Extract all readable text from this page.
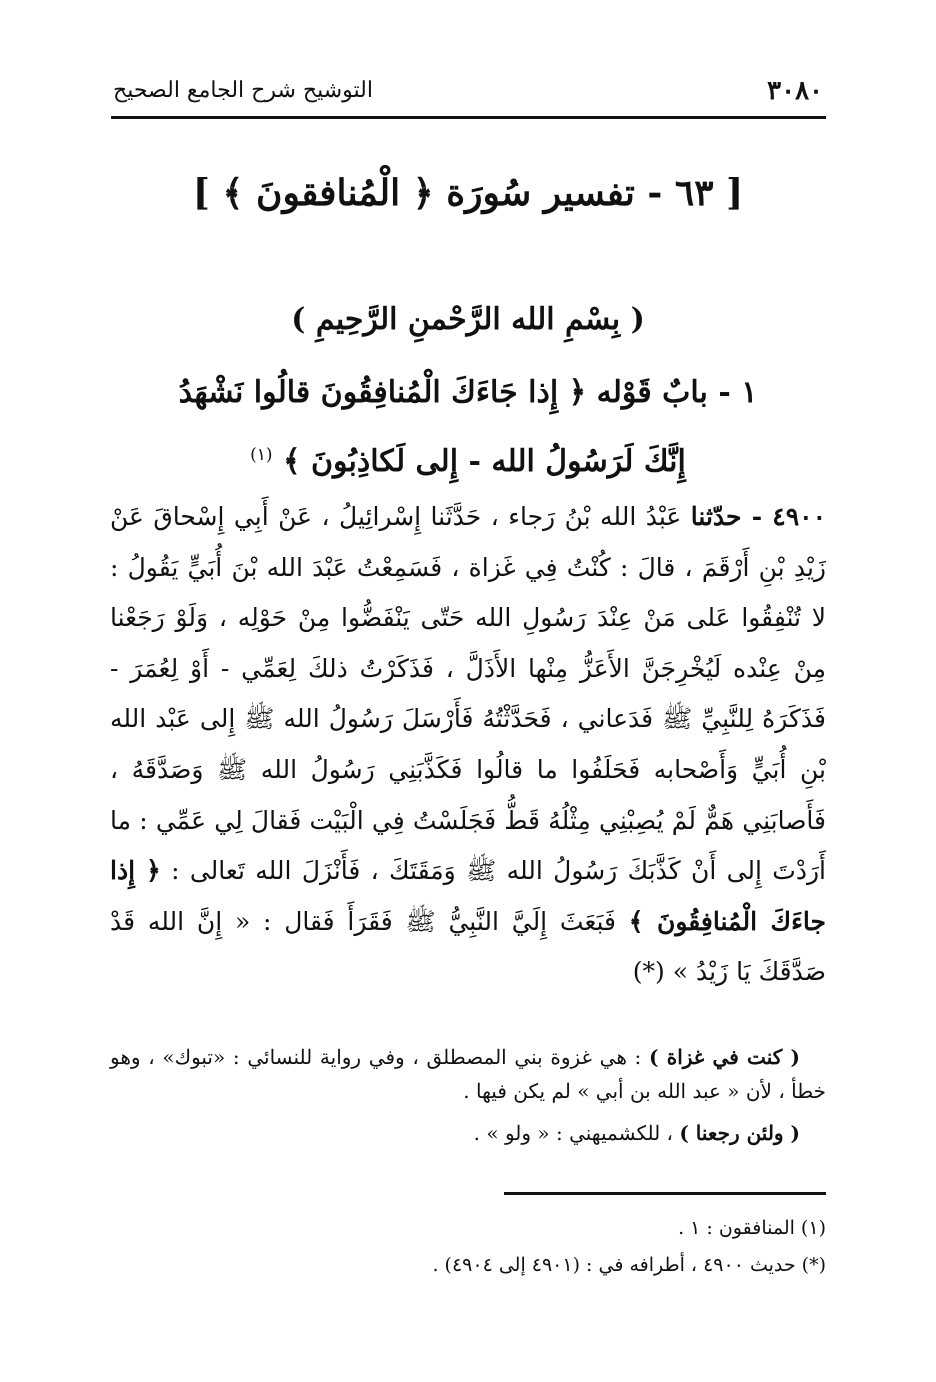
٣٠٨٠
التوشيح شرح الجامع الصحيح
[ ٦٣ - تفسير سُورَة ﴿ الْمُنافقونَ ﴾ ]
( بِسْمِ الله الرَّحْمنِ الرَّحِيمِ )
١ - بابٌ قَوْله ﴿ إِذا جَاءَكَ الْمُنافِقُونَ قالُوا نَشْهَدُ
إِنَّكَ لَرَسُولُ الله - إِلى لَكاذِبُونَ ﴾ $^{(١)}$
٤٩٠٠ - حدّثنا عَبْدُ الله بْنُ رَجاء ، حَدَّثَنا إِسْرائِيلُ ، عَنْ أَبِي إِسْحاقَ عَنْ زَيْدِ بْنِ أَرْقَمَ ، قالَ : كُنْتُ فِي غَزاة ، فَسَمِعْتُ عَبْدَ الله بْنَ أُبَيٍّ يَقُولُ : لا تُنْفِقُوا عَلى مَنْ عِنْدَ رَسُولِ الله حَتّى يَنْفَضُّوا مِنْ حَوْلِه ، وَلَوْ رَجَعْنا مِنْ عِنْده لَيُخْرِجَنَّ الأَعَزُّ مِنْها الأَذَلَّ ، فَذَكَرْتُ ذلكَ لِعَمِّي - أَوْ لِعُمَرَ - فَذَكَرَهُ لِلنَّبِيِّ ﷺ فَدَعاني ، فَحَدَّثْتُهُ فَأَرْسَلَ رَسُولُ الله ﷺ إِلى عَبْد الله بْنِ أُبَيٍّ وَأَصْحابه فَحَلَفُوا ما قالُوا فَكَذَّبَنِي رَسُولُ الله ﷺ وَصَدَّقَهُ ، فَأَصابَنِي هَمٌّ لَمْ يُصِبْنِي مِثْلُهُ قَطُّ فَجَلَسْتُ فِي الْبَيْت فَقالَ لِي عَمِّي : ما أَرَدْتَ إِلى أَنْ كَذَّبَكَ رَسُولُ الله ﷺ وَمَقَتَكَ ، فَأَنْزَلَ الله تَعالى : ﴿ إِذا جاءَكَ الْمُنافِقُونَ ﴾ فَبَعَثَ إِلَيَّ النَّبِيُّ ﷺ فَقَرَأَ فَقال : « إِنَّ الله قَدْ صَدَّقَكَ يَا زَيْدُ » (*)

( كنت في غزاة ) : هي غزوة بني المصطلق ، وفي رواية للنسائي : «تبوك» ، وهو خطأ ، لأن « عبد الله بن أبي » لم يكن فيها .

( ولئن رجعنا ) ، للكشميهني : « ولو » .

(١) المنافقون : ١ .
(*) حديث ٤٩٠٠ ، أطرافه في : (٤٩٠١ إلى ٤٩٠٤) .
